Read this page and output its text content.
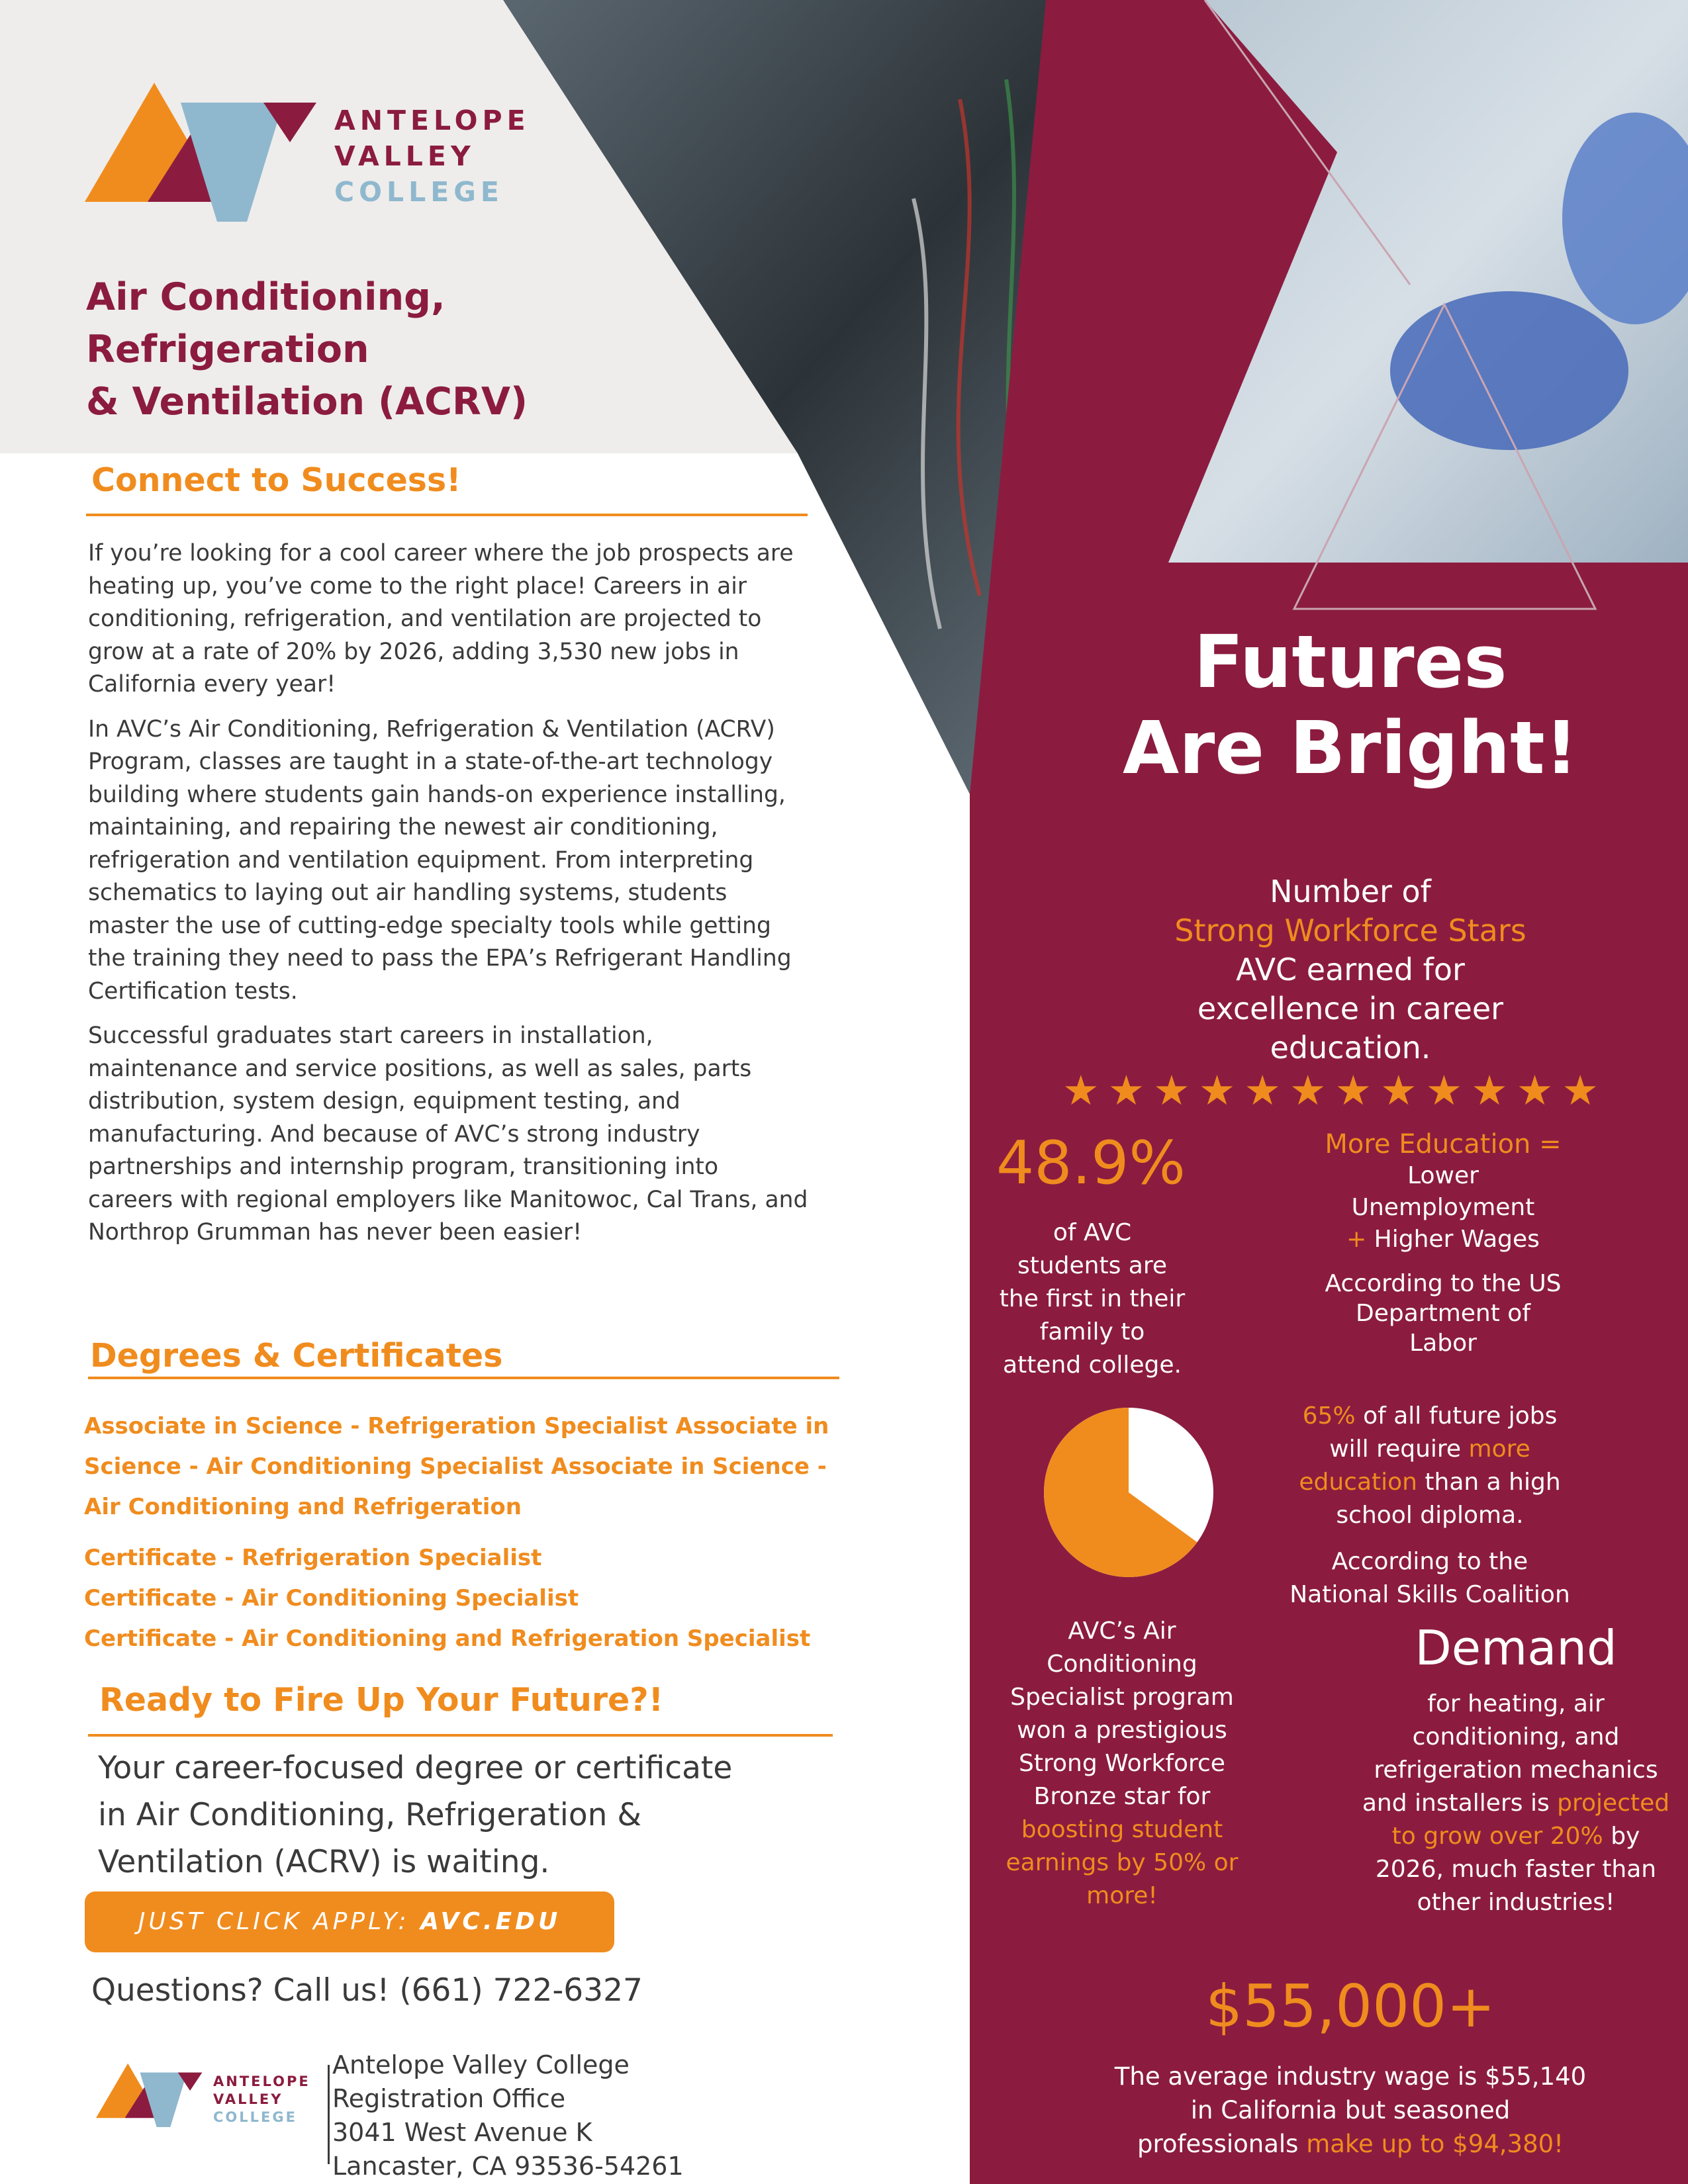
ANTELOPE
VALLEY
COLLEGE
Air Conditioning,
Refrigeration
& Ventilation (ACRV)
Connect to Success!

If you’re looking for a cool career where the job prospects are heating up, you’ve come to the right place! Careers in air conditioning, refrigeration, and ventilation are projected to grow at a rate of 20% by 2026, adding 3,530 new jobs in California every year!

In AVC’s Air Conditioning, Refrigeration & Ventilation (ACRV) Program, classes are taught in a state-of-the-art technology building where students gain hands-on experience installing, maintaining, and repairing the newest air conditioning, refrigeration and ventilation equipment. From interpreting schematics to laying out air handling systems, students master the use of cutting-edge specialty tools while getting the training they need to pass the EPA’s Refrigerant Handling Certification tests.

Successful graduates start careers in installation, maintenance and service positions, as well as sales, parts distribution, system design, equipment testing, and manufacturing. And because of AVC’s strong industry partnerships and internship program, transitioning into careers with regional employers like Manitowoc, Cal Trans, and Northrop Grumman has never been easier!

Degrees & Certificates
Associate in Science - Refrigeration Specialist Associate in
Science - Air Conditioning Specialist Associate in Science -
Air Conditioning and Refrigeration
Certificate - Refrigeration Specialist
Certificate - Air Conditioning Specialist
Certificate - Air Conditioning and Refrigeration Specialist
Ready to Fire Up Your Future?!
Your career-focused degree or certificate
in Air Conditioning, Refrigeration &
Ventilation (ACRV) is waiting.
JUST CLICK APPLY: AVC.EDU
Questions? Call us! (661) 722-6327
ANTELOPE
VALLEY
COLLEGE
Antelope Valley College
Registration Office
3041 West Avenue K
Lancaster, CA 93536-54261
Futures
Are Bright!
Number of
Strong Workforce Stars
AVC earned for
excellence in career
education.
★ ★ ★ ★ ★ ★ ★ ★ ★ ★ ★ ★
48.9%
of AVC
students are
the first in their
family to
attend college.
More Education =
Lower
Unemployment
+ Higher Wages
According to the US
Department of
Labor
65% of all future jobs
will require more
education than a high
school diploma.
According to the
National Skills Coalition
AVC’s Air
Conditioning
Specialist program
won a prestigious
Strong Workforce
Bronze star for
boosting student
earnings by 50% or
more!
Demand
for heating, air
conditioning, and
refrigeration mechanics
and installers is projected
to grow over 20% by
2026, much faster than
other industries!
$55,000+
The average industry wage is $55,140
in California but seasoned
professionals make up to $94,380!
